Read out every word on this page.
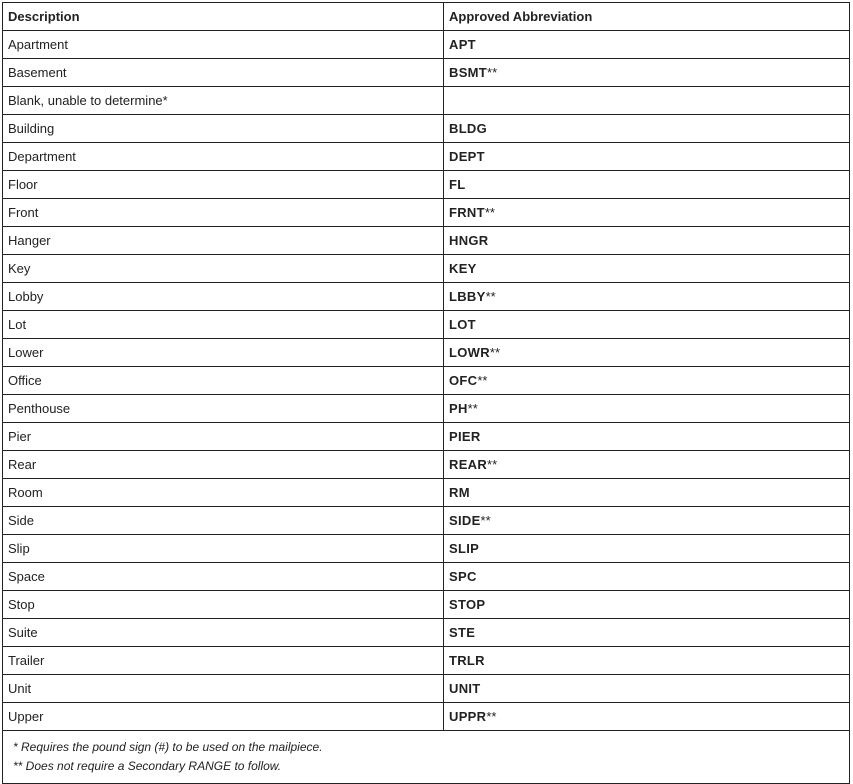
Description	Approved Abbreviation
Apartment	APT
Basement	BSMT**
Blank, unable to determine*	
Building	BLDG
Department	DEPT
Floor	FL
Front	FRNT**
Hanger	HNGR
Key	KEY
Lobby	LBBY**
Lot	LOT
Lower	LOWR**
Office	OFC**
Penthouse	PH**
Pier	PIER
Rear	REAR**
Room	RM
Side	SIDE**
Slip	SLIP
Space	SPC
Stop	STOP
Suite	STE
Trailer	TRLR
Unit	UNIT
Upper	UPPR**

* Requires the pound sign (#) to be used on the mailpiece.
** Does not require a Secondary RANGE to follow.	
